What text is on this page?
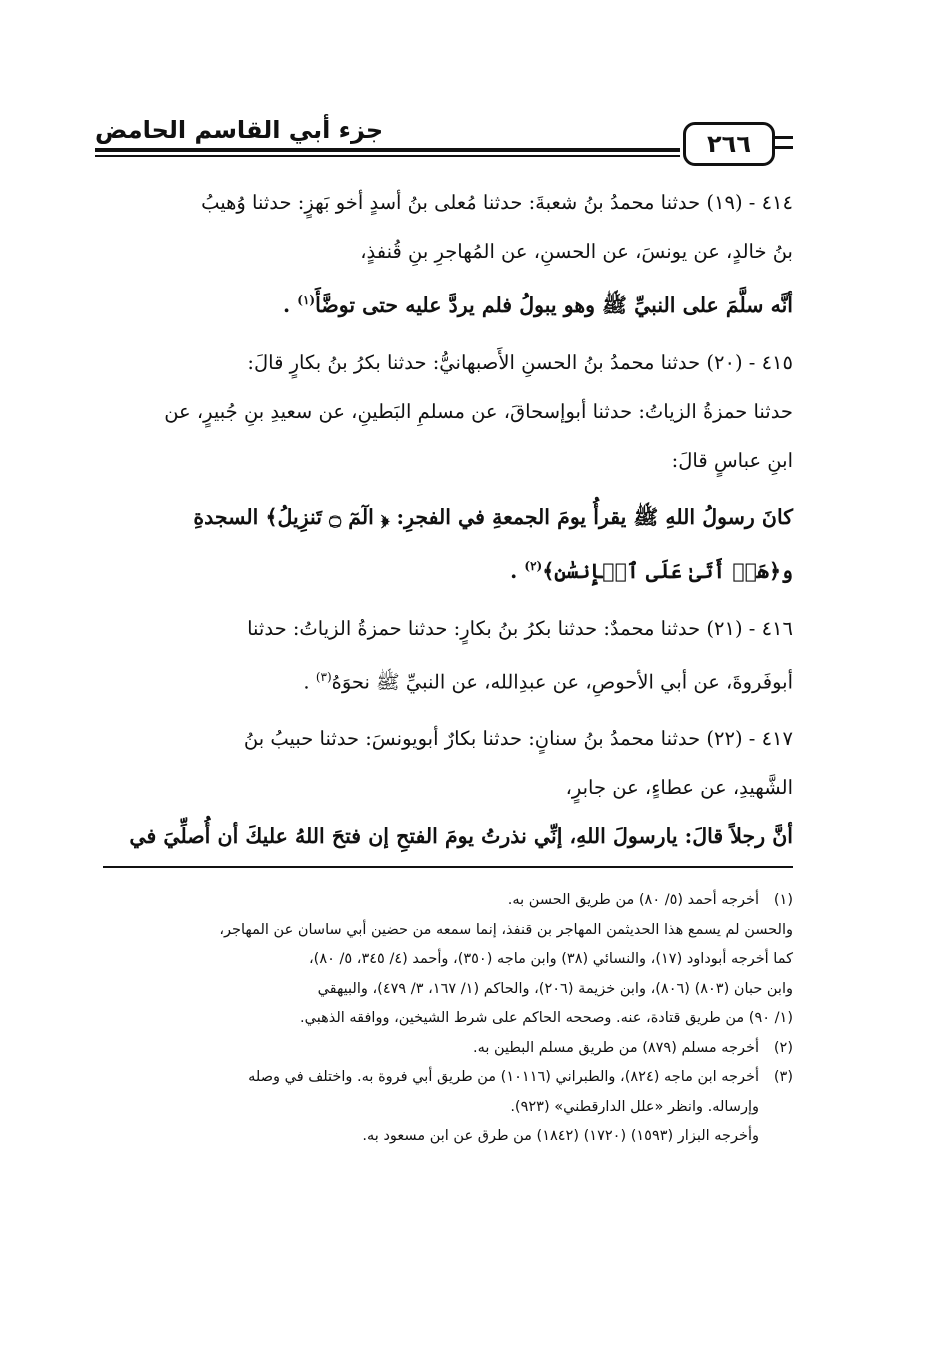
جزء أبي القاسم الحامض	٢٦٦

٤١٤ - (١٩) حدثنا محمدُ بنُ شعبةَ: حدثنا مُعلى بنُ أسدٍ أخو بَهزٍ: حدثنا وُهيبُ
بنُ خالدٍ، عن يونسَ، عن الحسنِ، عن المُهاجرِ بنِ قُنفذٍ،

أنَّه سلَّمَ على النبيِّ ﷺ وهو يبولُ فلم يردَّ عليه حتى توضَّأَ$^{(١)}$ .

٤١٥ - (٢٠) حدثنا محمدُ بنُ الحسنِ الأَصبهانيُّ: حدثنا بكرُ بنُ بكارٍ قالَ:
حدثنا حمزةُ الزياتُ: حدثنا أبوإسحاقَ، عن مسلمِ البَطينِ، عن سعيدِ بنِ جُبيرٍ، عن
ابنِ عباسٍ قالَ:

كانَ رسولُ اللهِ ﷺ يقرأُ يومَ الجمعةِ في الفجرِ: ﴿ الٓمٓ ۝ تَنزِيلُ﴾ السجدةِ
و﴿هَلۡ أَتَىٰ عَلَى ٱلۡإِنسَٰنِ﴾$^{(٢)}$ .

٤١٦ - (٢١) حدثنا محمدٌ: حدثنا بكرُ بنُ بكارٍ: حدثنا حمزةُ الزياتُ: حدثنا
أبوفَروةَ، عن أبي الأحوصِ، عن عبدِالله، عن النبيِّ ﷺ نحوَهُ$^{(٣)}$ .

٤١٧ - (٢٢) حدثنا محمدُ بنُ سنانٍ: حدثنا بكارٌ أبويونسَ: حدثنا حبيبُ بنُ
الشَّهيدِ، عن عطاءٍ، عن جابرٍ،

أنَّ رجلاً قالَ: يارسولَ اللهِ، إنِّي نذرتُ يومَ الفتحِ إن فتحَ اللهُ عليكَ أن أُصلِّيَ في

(١)أخرجه أحمد (٥/ ٨٠) من طريق الحسن به.

والحسن لم يسمع هذا الحديثمن المهاجر بن قنفذ، إنما سمعه من حضين أبي ساسان عن المهاجر،
كما أخرجه أبوداود (١٧)، والنسائي (٣٨) وابن ماجه (٣٥٠)، وأحمد (٤/ ٣٤٥، ٥/ ٨٠)،
وابن حبان (٨٠٣) (٨٠٦)، وابن خزيمة (٢٠٦)، والحاكم (١/ ١٦٧، ٣/ ٤٧٩)، والبيهقي
(١/ ٩٠) من طريق قتادة، عنه. وصححه الحاكم على شرط الشيخين، ووافقه الذهبي.

(٢)أخرجه مسلم (٨٧٩) من طريق مسلم البطين به.

(٣)أخرجه ابن ماجه (٨٢٤)، والطبراني (١٠١١٦) من طريق أبي فروة به. واختلف في وصله

وإرساله. وانظر «علل الدارقطني» (٩٢٣).
وأخرجه البزار (١٥٩٣) (١٧٢٠) (١٨٤٢) من طرق عن ابن مسعود به.
